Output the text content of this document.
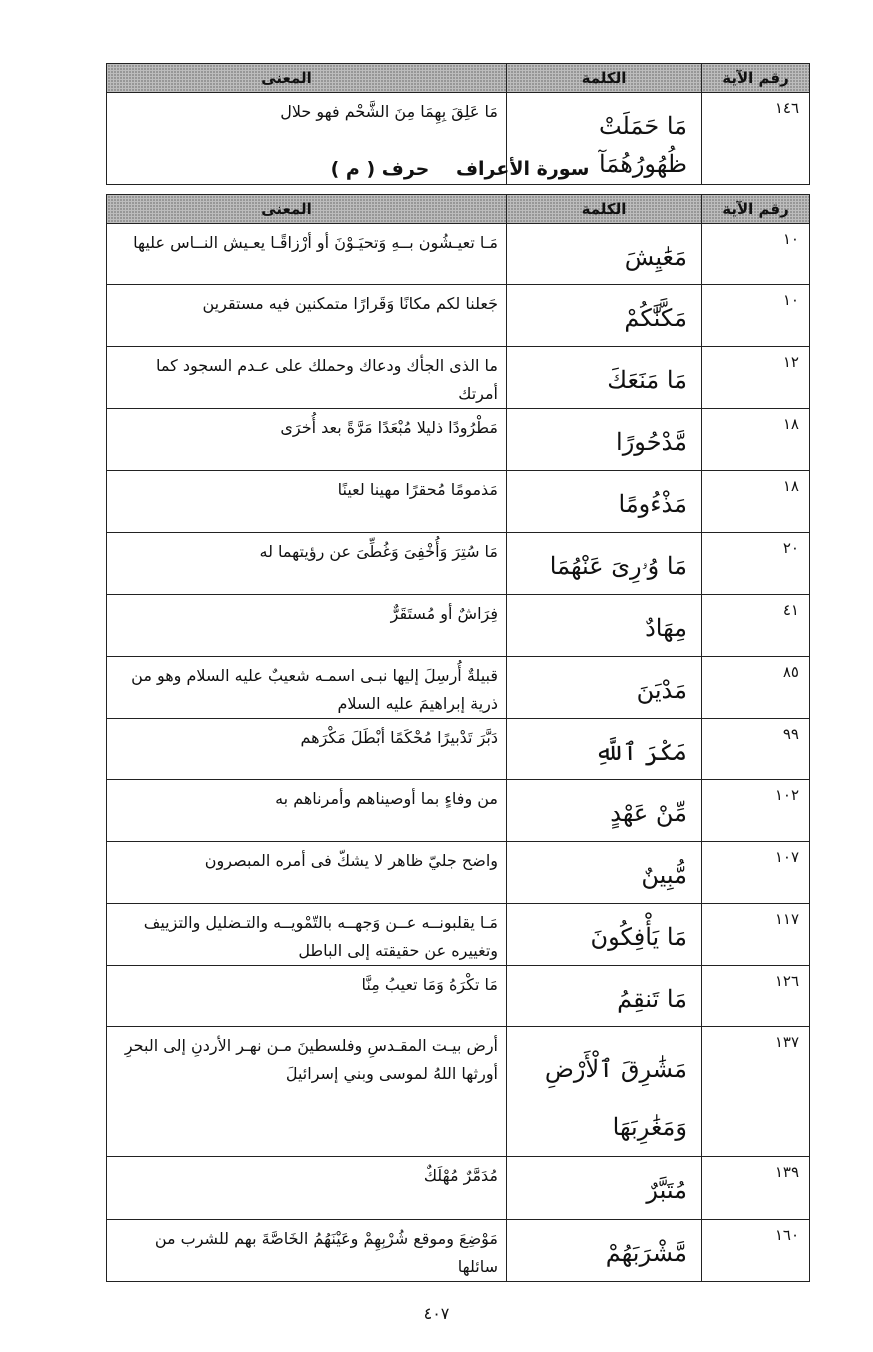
رقم الآية	الكلمة	المعنى

١٤٦	مَا حَمَلَتْ ظُهُورُهُمَآ	مَا عَلِقَ بِهِمَا مِنَ الشَّحْم فهو حلال
سورة الأعراف حرف ( م )
رقم الآية	الكلمة	المعنى

١٠	مَعَٰيِشَ	مَـا تعيـشُون بــهِ وَتحيَـوْنَ أو أرْزاقًـا يعـيش النــاس عليها

١٠	مَكَّنَّٰكُمْ	جَعلنا لكم مكانًا وَقَرارًا متمكنين فيه مستقرين

١٢	مَا مَنَعَكَ	ما الذى الجأك ودعاك وحملك على عـدم السجود كما أمرتك

١٨	مَّدْحُورًا	مَطْرُودًا ذليلا مُبْعَدًا مَرَّةً بعد أُخرَى

١٨	مَذْءُومًا	مَذمومًا مُحقرًا مهينا لعينًا

٢٠	مَا وُۥرِىَ عَنْهُمَا	مَا سُتِرَ وَأُخْفِىَ وَغُطِّىَ عن رؤيتهما له

٤١	مِهَادٌ	فِرَاشٌ أو مُستَقَرٌّ

٨٥	مَدْيَنَ	قبيلةٌ أُرسِلَ إليها نبـى اسمـه شعيبٌ عليه السلام وهو من ذرية إبراهيمَ عليه السلام

٩٩	مَكْرَ ٱللَّهِ	دَبَّرَ تَدْبيرًا مُحْكَمًا أبْطَلَ مَكْرَهم

١٠٢	مِّنْ عَهْدٍ	من وفاءٍ بما أوصيناهم وأمرناهم به

١٠٧	مُّبِينٌ	واضح جليّ ظاهر لا يشكّ فى أمره المبصرون

١١٧	مَا يَأْفِكُونَ	مَـا يقلبونــه عــن وَجهــه بالتّمْويــه والتـضليل والتزييف وتغييره عن حقيقته إلى الباطل

١٢٦	مَا تَنقِمُ	مَا تكْرَهُ وَمَا تعيبُ مِنَّا

١٣٧	مَشَٰرِقَ ٱلْأَرْضِ وَمَغَٰرِبَهَا	أرض بيـت المقـدسِ وفلسطينَ مـن نهـر الأردنِ إلى البحرِ أورثها اللهُ لموسى وبني إسرائيلَ

١٣٩	مُتَبَّرٌ	مُدَمَّرٌ مُهْلَكٌ

١٦٠	مَّشْرَبَهُمْ	مَوْضِعَ وموقع شُرْبِهِمْ وعَيْنَهُمُ الخَاصَّةَ بهم للشرب من سائلها
٤٠٧
